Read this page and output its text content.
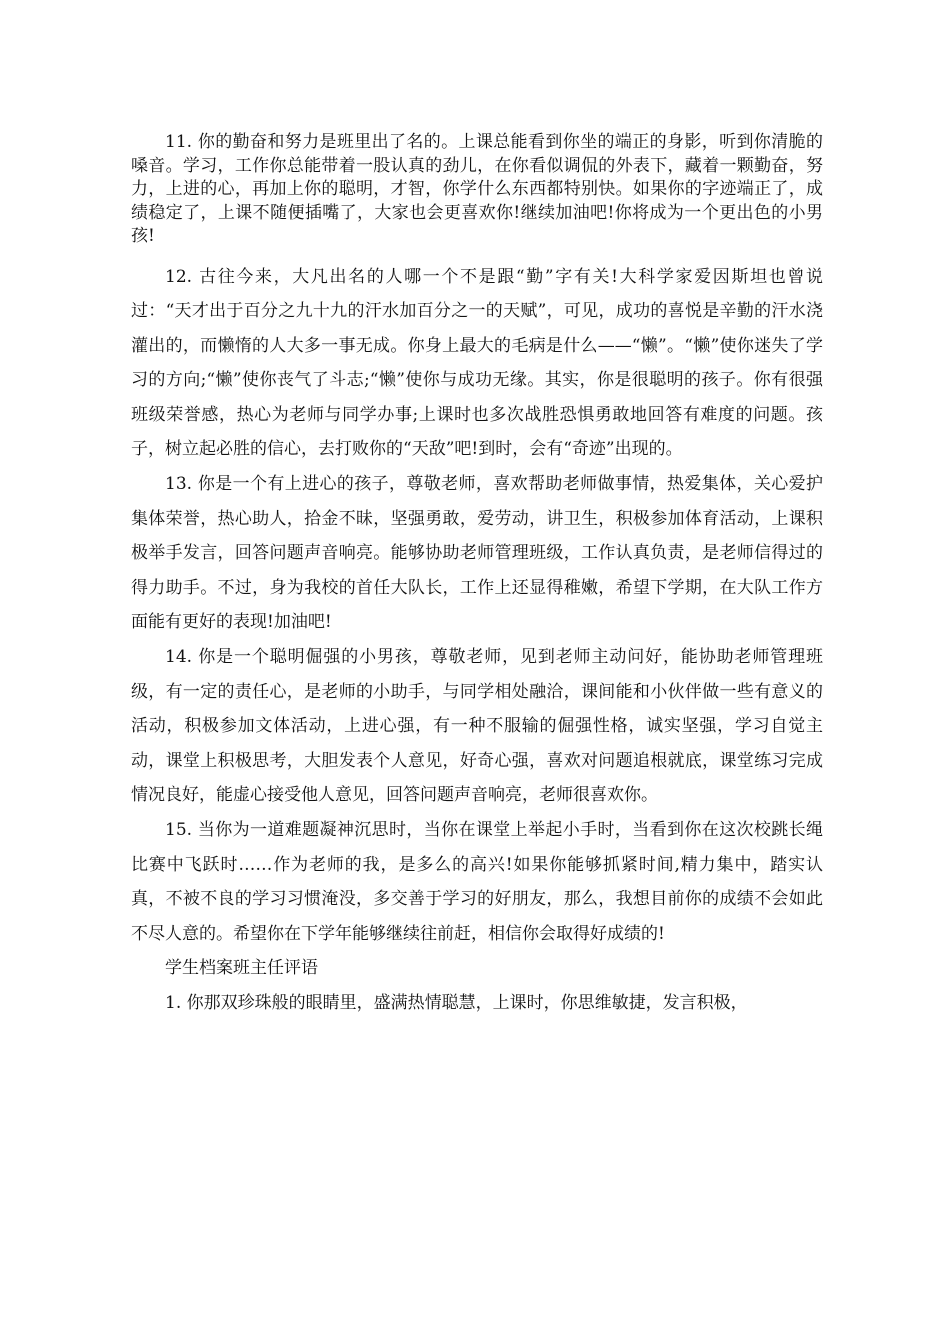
11. 你的勤奋和努力是班里出了名的。上课总能看到你坐的端正的身影，听到你清脆的嗓音。学习，工作你总能带着一股认真的劲儿，在你看似调侃的外表下，藏着一颗勤奋，努力，上进的心，再加上你的聪明，才智，你学什么东西都特别快。如果你的字迹端正了，成绩稳定了，上课不随便插嘴了，大家也会更喜欢你!继续加油吧!你将成为一个更出色的小男孩!

12. 古往今来，大凡出名的人哪一个不是跟“勤”字有关!大科学家爱因斯坦也曾说过：“天才出于百分之九十九的汗水加百分之一的天赋”，可见，成功的喜悦是辛勤的汗水浇灌出的，而懒惰的人大多一事无成。你身上最大的毛病是什么——“懒”。“懒”使你迷失了学习的方向;“懒”使你丧气了斗志;“懒”使你与成功无缘。其实，你是很聪明的孩子。你有很强班级荣誉感，热心为老师与同学办事;上课时也多次战胜恐惧勇敢地回答有难度的问题。孩子，树立起必胜的信心，去打败你的“天敌”吧!到时，会有“奇迹”出现的。

13. 你是一个有上进心的孩子，尊敬老师，喜欢帮助老师做事情，热爱集体，关心爱护集体荣誉，热心助人，拾金不昧，坚强勇敢，爱劳动，讲卫生，积极参加体育活动，上课积极举手发言，回答问题声音响亮。能够协助老师管理班级，工作认真负责，是老师信得过的得力助手。不过，身为我校的首任大队长，工作上还显得稚嫩，希望下学期，在大队工作方面能有更好的表现!加油吧!

14. 你是一个聪明倔强的小男孩，尊敬老师，见到老师主动问好，能协助老师管理班级，有一定的责任心，是老师的小助手，与同学相处融洽，课间能和小伙伴做一些有意义的活动，积极参加文体活动，上进心强，有一种不服输的倔强性格，诚实坚强，学习自觉主动，课堂上积极思考，大胆发表个人意见，好奇心强，喜欢对问题追根就底，课堂练习完成情况良好，能虚心接受他人意见，回答问题声音响亮，老师很喜欢你。

15. 当你为一道难题凝神沉思时，当你在课堂上举起小手时，当看到你在这次校跳长绳比赛中飞跃时……作为老师的我，是多么的高兴!如果你能够抓紧时间,精力集中，踏实认真，不被不良的学习习惯淹没，多交善于学习的好朋友，那么，我想目前你的成绩不会如此不尽人意的。希望你在下学年能够继续往前赶，相信你会取得好成绩的!

学生档案班主任评语

1. 你那双珍珠般的眼睛里，盛满热情聪慧，上课时，你思维敏捷，发言积极，
